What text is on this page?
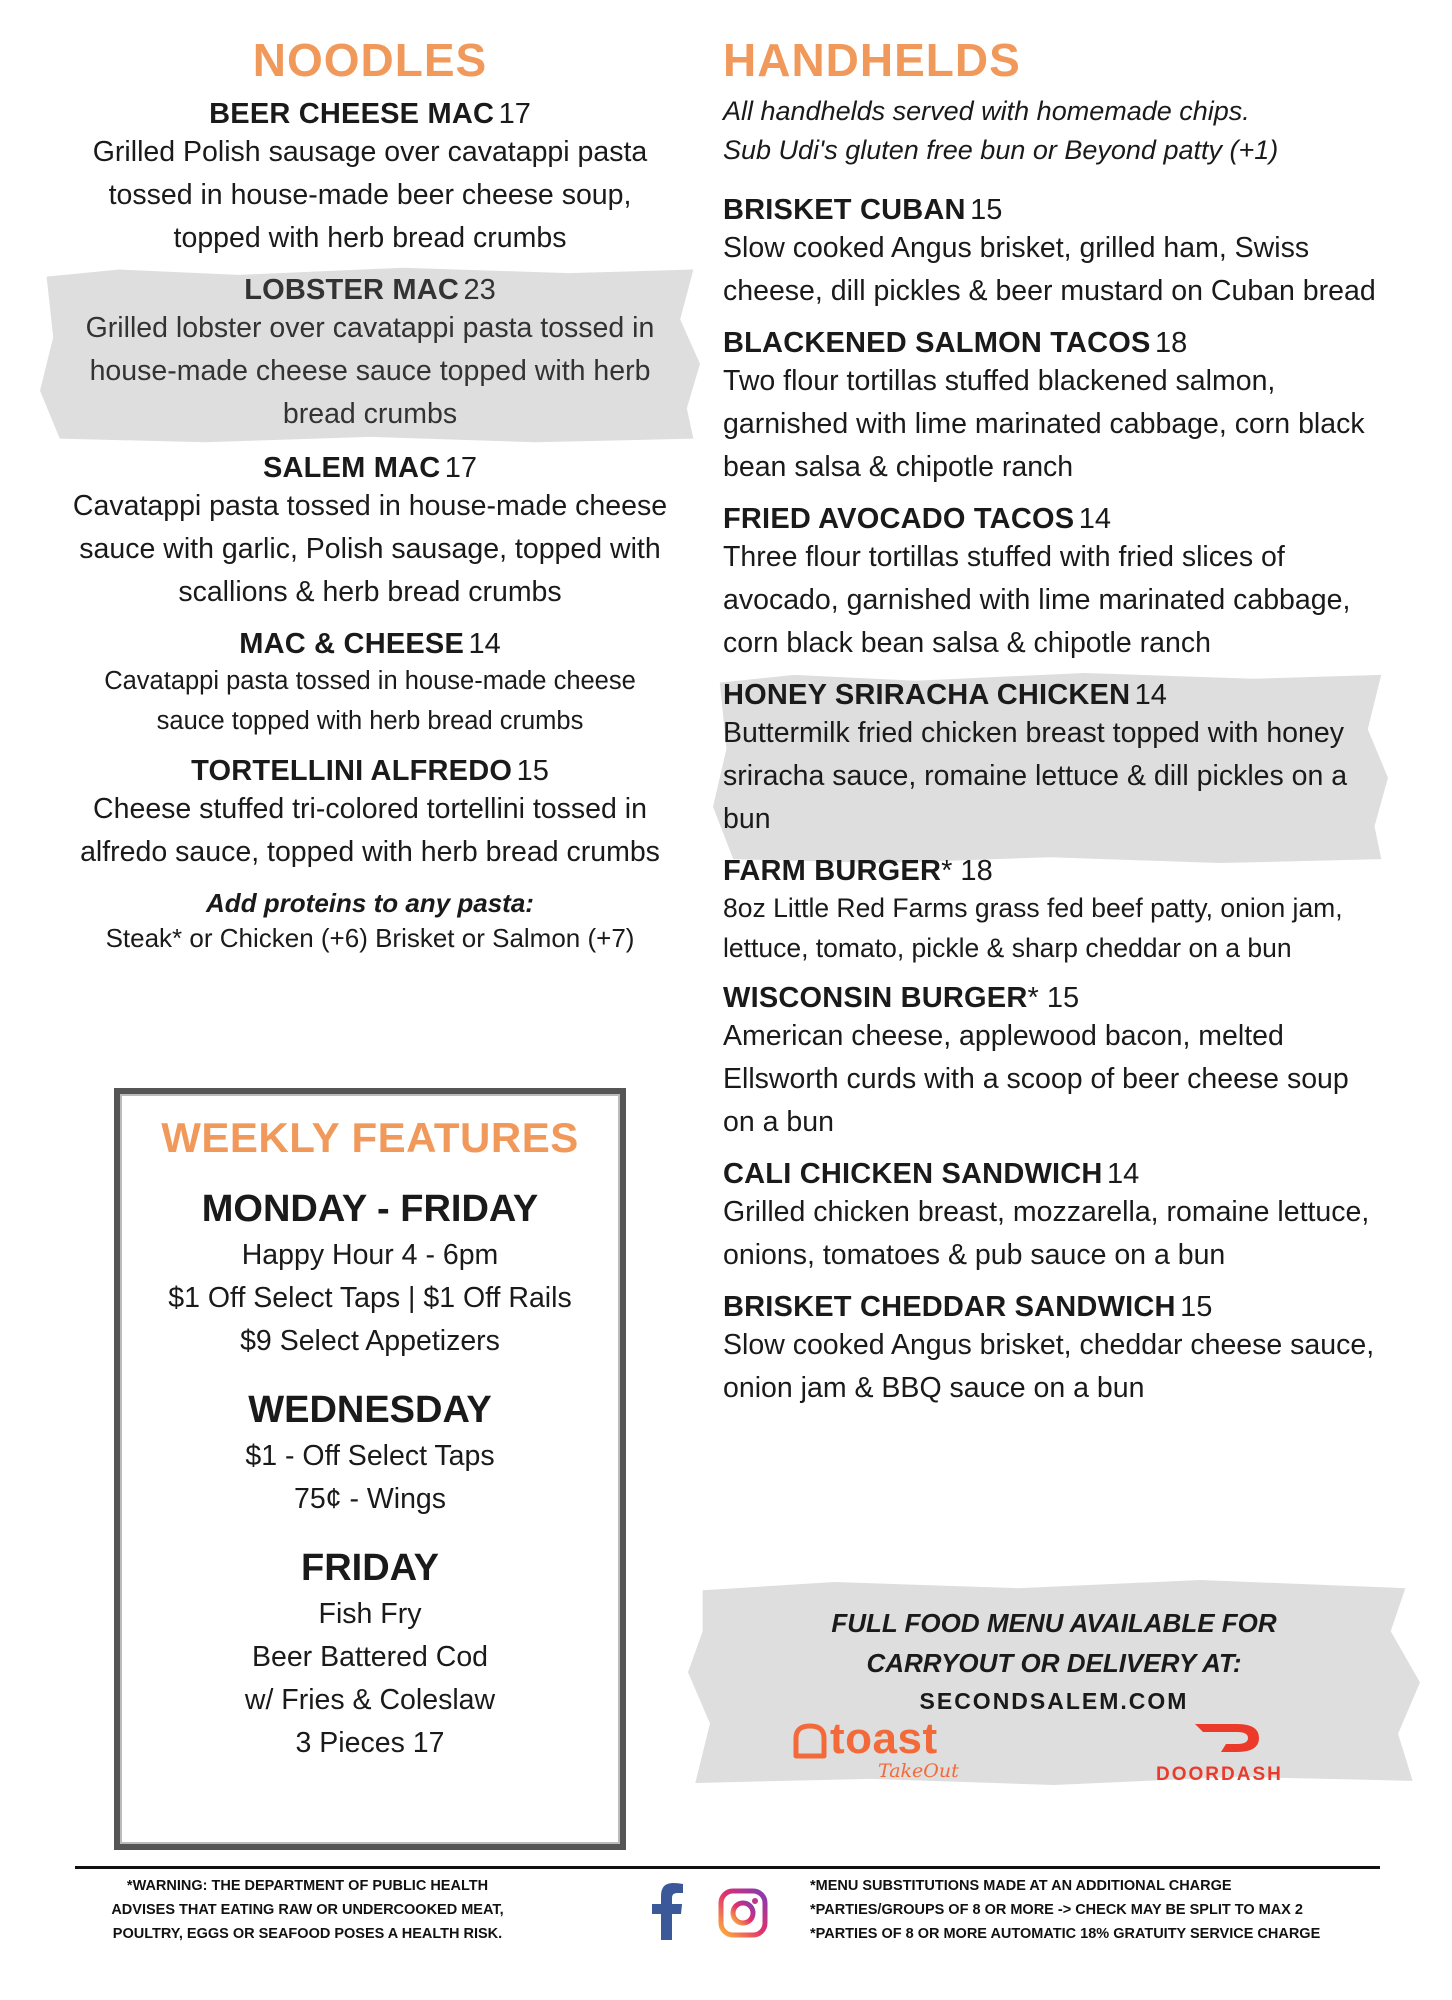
NOODLES
BEER CHEESE MAC 17
Grilled Polish sausage over cavatappi pasta
tossed in house-made beer cheese soup,
topped with herb bread crumbs
LOBSTER MAC 23
Grilled lobster over cavatappi pasta tossed in
house-made cheese sauce topped with herb
bread crumbs
SALEM MAC 17
Cavatappi pasta tossed in house-made cheese
sauce with garlic, Polish sausage, topped with
scallions & herb bread crumbs
MAC & CHEESE 14
Cavatappi pasta tossed in house-made cheese
sauce topped with herb bread crumbs
TORTELLINI ALFREDO 15
Cheese stuffed tri-colored tortellini tossed in
alfredo sauce, topped with herb bread crumbs
Add proteins to any pasta:
Steak* or Chicken (+6) Brisket or Salmon (+7)
WEEKLY FEATURES
MONDAY - FRIDAY
Happy Hour 4 - 6pm
$1 Off Select Taps | $1 Off Rails
$9 Select Appetizers
WEDNESDAY
$1 - Off Select Taps
75¢ - Wings
FRIDAY
Fish Fry
Beer Battered Cod
w/ Fries & Coleslaw
3 Pieces 17
HANDHELDS
All handhelds served with homemade chips.
Sub Udi's gluten free bun or Beyond patty (+1)
BRISKET CUBAN 15
Slow cooked Angus brisket, grilled ham, Swiss
cheese, dill pickles & beer mustard on Cuban bread
BLACKENED SALMON TACOS 18
Two flour tortillas stuffed blackened salmon,
garnished with lime marinated cabbage, corn black
bean salsa & chipotle ranch
FRIED AVOCADO TACOS 14
Three flour tortillas stuffed with fried slices of
avocado, garnished with lime marinated cabbage,
corn black bean salsa & chipotle ranch
HONEY SRIRACHA CHICKEN 14
Buttermilk fried chicken breast topped with honey
sriracha sauce, romaine lettuce & dill pickles on a
bun
FARM BURGER* 18
8oz Little Red Farms grass fed beef patty, onion jam,
lettuce, tomato, pickle & sharp cheddar on a bun
WISCONSIN BURGER* 15
American cheese, applewood bacon, melted
Ellsworth curds with a scoop of beer cheese soup
on a bun
CALI CHICKEN SANDWICH 14
Grilled chicken breast, mozzarella, romaine lettuce,
onions, tomatoes & pub sauce on a bun
BRISKET CHEDDAR SANDWICH 15
Slow cooked Angus brisket, cheddar cheese sauce,
onion jam & BBQ sauce on a bun
FULL FOOD MENU AVAILABLE FOR
CARRYOUT OR DELIVERY AT:
SECONDSALEM.COM
toast
TakeOut	DOORDASH
*WARNING: THE DEPARTMENT OF PUBLIC HEALTH
ADVISES THAT EATING RAW OR UNDERCOOKED MEAT,
POULTRY, EGGS OR SEAFOOD POSES A HEALTH RISK.
*MENU SUBSTITUTIONS MADE AT AN ADDITIONAL CHARGE
*PARTIES/GROUPS OF 8 OR MORE -> CHECK MAY BE SPLIT TO MAX 2
*PARTIES OF 8 OR MORE AUTOMATIC 18% GRATUITY SERVICE CHARGE
